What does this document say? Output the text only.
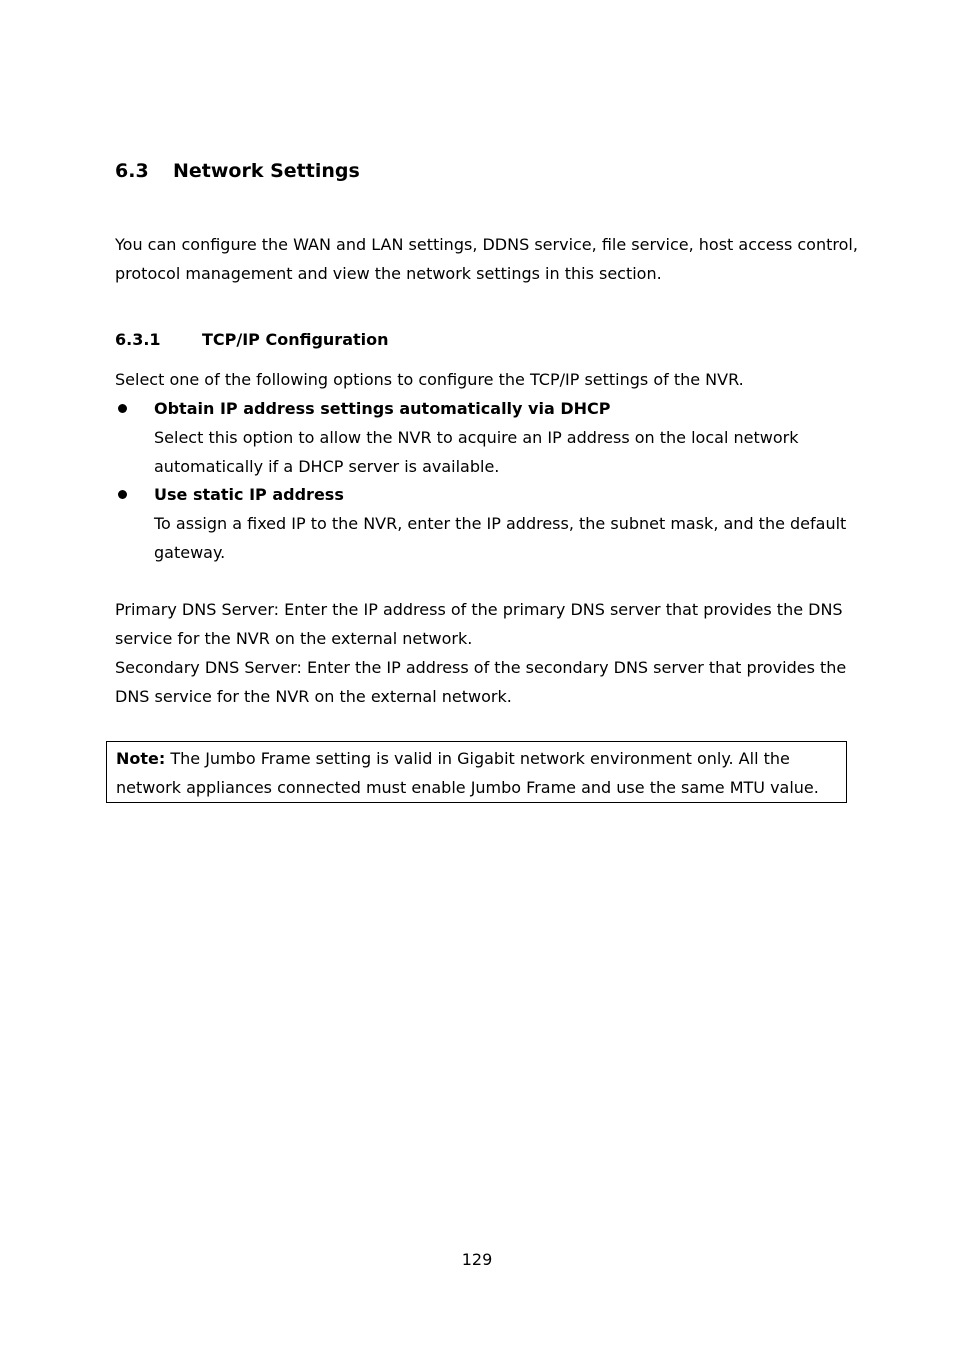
6.3 Network Settings
You can configure the WAN and LAN settings, DDNS service, file service, host access control,
protocol management and view the network settings in this section.
6.3.1	TCP/IP Configuration
Select one of the following options to configure the TCP/IP settings of the NVR.
Obtain IP address settings automatically via DHCP
Select this option to allow the NVR to acquire an IP address on the local network
automatically if a DHCP server is available.
Use static IP address
To assign a fixed IP to the NVR, enter the IP address, the subnet mask, and the default
gateway.
Primary DNS Server: Enter the IP address of the primary DNS server that provides the DNS
service for the NVR on the external network.
Secondary DNS Server: Enter the IP address of the secondary DNS server that provides the
DNS service for the NVR on the external network.
Note: The Jumbo Frame setting is valid in Gigabit network environment only. All the
network appliances connected must enable Jumbo Frame and use the same MTU value.
129
